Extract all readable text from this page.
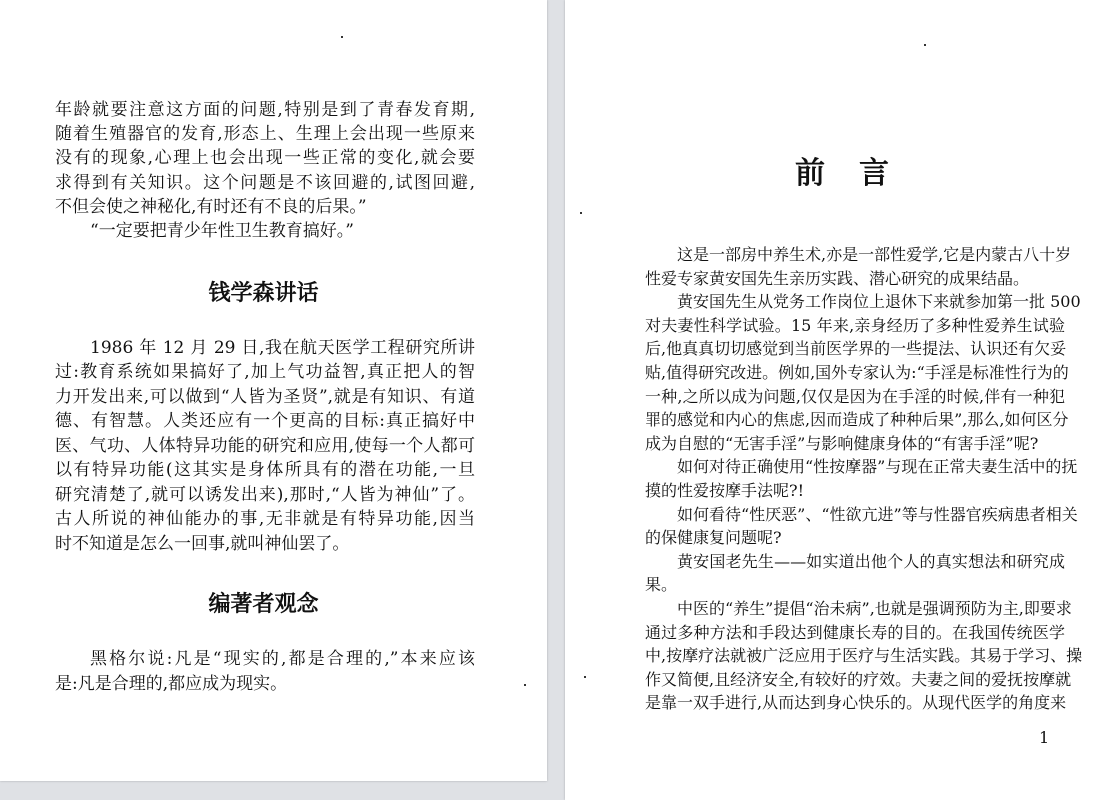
年龄就要注意这方面的问题,特别是到了青春发育期,
随着生殖器官的发育,形态上、生理上会出现一些原来
没有的现象,心理上也会出现一些正常的变化,就会要
求得到有关知识。这个问题是不该回避的,试图回避,
不但会使之神秘化,有时还有不良的后果。”
“一定要把青少年性卫生教育搞好。”
钱学森讲话
1986 年 12 月 29 日,我在航天医学工程研究所讲
过:教育系统如果搞好了,加上气功益智,真正把人的智
力开发出来,可以做到“人皆为圣贤”,就是有知识、有道
德、有智慧。人类还应有一个更高的目标:真正搞好中
医、气功、人体特异功能的研究和应用,使每一个人都可
以有特异功能(这其实是身体所具有的潜在功能,一旦
研究清楚了,就可以诱发出来),那时,“人皆为神仙”了。
古人所说的神仙能办的事,无非就是有特异功能,因当
时不知道是怎么一回事,就叫神仙罢了。
编著者观念
黑格尔说:凡是“现实的,都是合理的,”本来应该
是:凡是合理的,都应成为现实。
前　言
这是一部房中养生术,亦是一部性爱学,它是内蒙古八十岁
性爱专家黄安国先生亲历实践、潜心研究的成果结晶。
黄安国先生从党务工作岗位上退休下来就参加第一批 500
对夫妻性科学试验。15 年来,亲身经历了多种性爱养生试验
后,他真真切切感觉到当前医学界的一些提法、认识还有欠妥
贴,值得研究改进。例如,国外专家认为:“手淫是标准性行为的
一种,之所以成为问题,仅仅是因为在手淫的时候,伴有一种犯
罪的感觉和内心的焦虑,因而造成了种种后果”,那么,如何区分
成为自慰的“无害手淫”与影响健康身体的“有害手淫”呢?
如何对待正确使用“性按摩器”与现在正常夫妻生活中的抚
摸的性爱按摩手法呢?!
如何看待“性厌恶”、“性欲亢进”等与性器官疾病患者相关
的保健康复问题呢?
黄安国老先生——如实道出他个人的真实想法和研究成
果。
中医的“养生”提倡“治未病”,也就是强调预防为主,即要求
通过多种方法和手段达到健康长寿的目的。在我国传统医学
中,按摩疗法就被广泛应用于医疗与生活实践。其易于学习、操
作又简便,且经济安全,有较好的疗效。夫妻之间的爱抚按摩就
是靠一双手进行,从而达到身心快乐的。从现代医学的角度来
1
